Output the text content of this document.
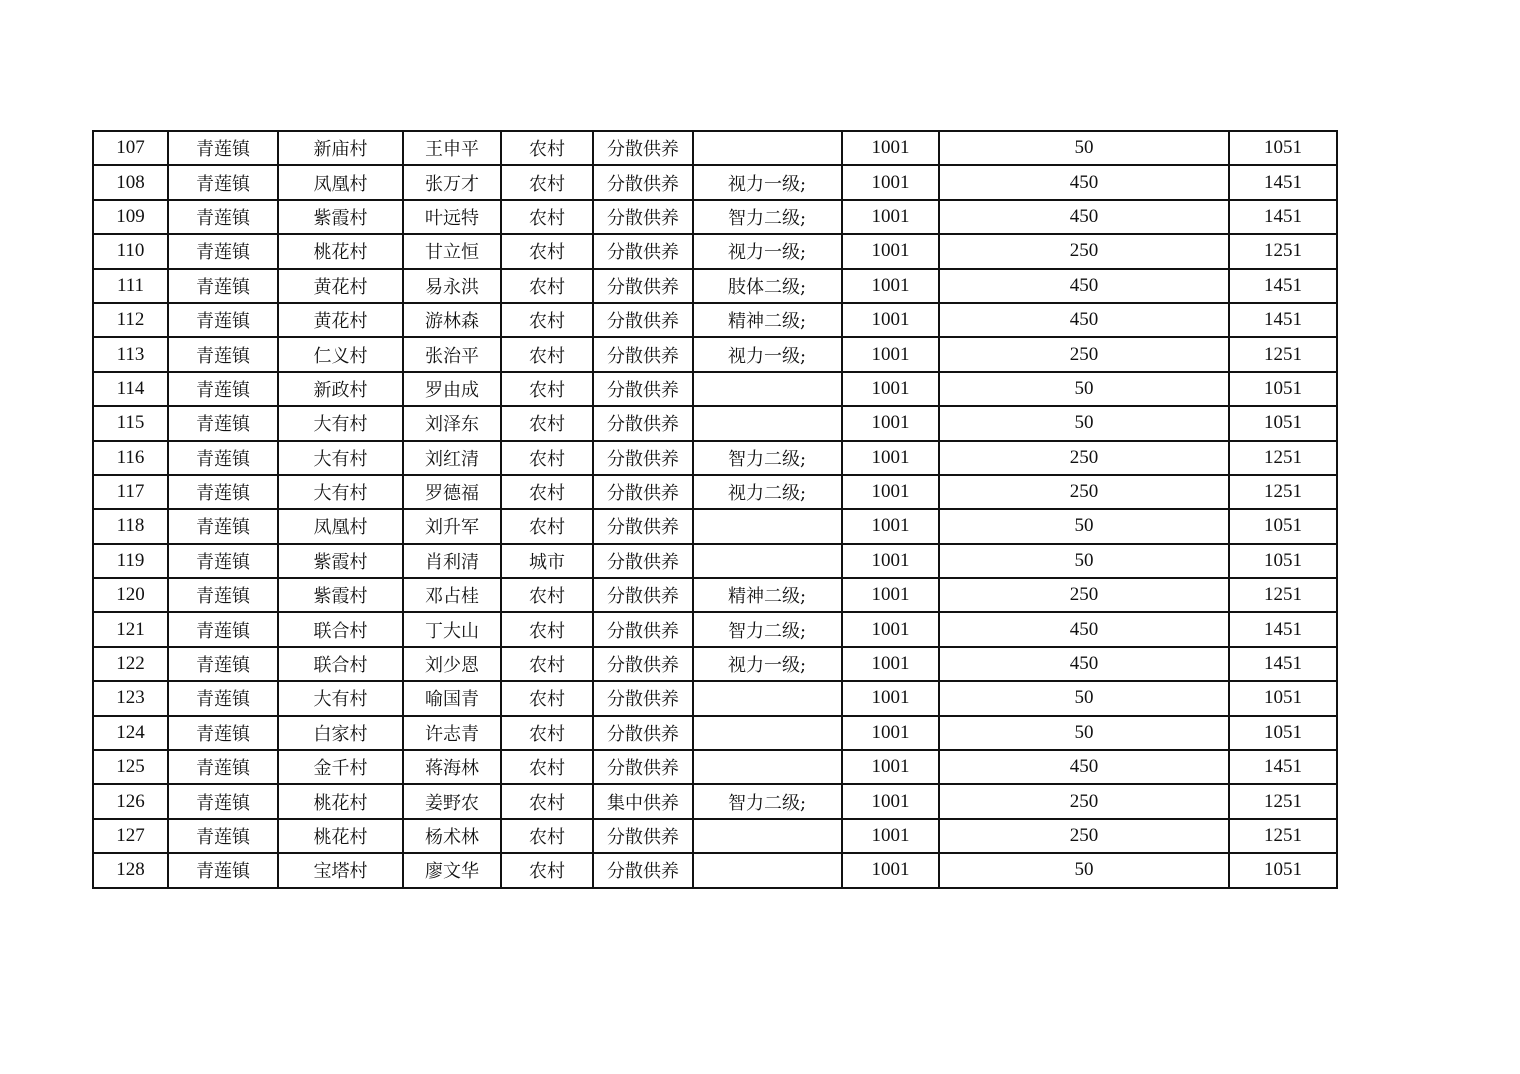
107	青莲镇	新庙村	王申平	农村	分散供养		1001	50	1051
108	青莲镇	凤凰村	张万才	农村	分散供养	视力一级;	1001	450	1451
109	青莲镇	紫霞村	叶远特	农村	分散供养	智力二级;	1001	450	1451
110	青莲镇	桃花村	甘立恒	农村	分散供养	视力一级;	1001	250	1251
111	青莲镇	黄花村	易永洪	农村	分散供养	肢体二级;	1001	450	1451
112	青莲镇	黄花村	游林森	农村	分散供养	精神二级;	1001	450	1451
113	青莲镇	仁义村	张治平	农村	分散供养	视力一级;	1001	250	1251
114	青莲镇	新政村	罗由成	农村	分散供养		1001	50	1051
115	青莲镇	大有村	刘泽东	农村	分散供养		1001	50	1051
116	青莲镇	大有村	刘红清	农村	分散供养	智力二级;	1001	250	1251
117	青莲镇	大有村	罗德福	农村	分散供养	视力二级;	1001	250	1251
118	青莲镇	凤凰村	刘升军	农村	分散供养		1001	50	1051
119	青莲镇	紫霞村	肖利清	城市	分散供养		1001	50	1051
120	青莲镇	紫霞村	邓占桂	农村	分散供养	精神二级;	1001	250	1251
121	青莲镇	联合村	丁大山	农村	分散供养	智力二级;	1001	450	1451
122	青莲镇	联合村	刘少恩	农村	分散供养	视力一级;	1001	450	1451
123	青莲镇	大有村	喻国青	农村	分散供养		1001	50	1051
124	青莲镇	白家村	许志青	农村	分散供养		1001	50	1051
125	青莲镇	金千村	蒋海林	农村	分散供养		1001	450	1451
126	青莲镇	桃花村	姜野农	农村	集中供养	智力二级;	1001	250	1251
127	青莲镇	桃花村	杨术林	农村	分散供养		1001	250	1251
128	青莲镇	宝塔村	廖文华	农村	分散供养		1001	50	1051
